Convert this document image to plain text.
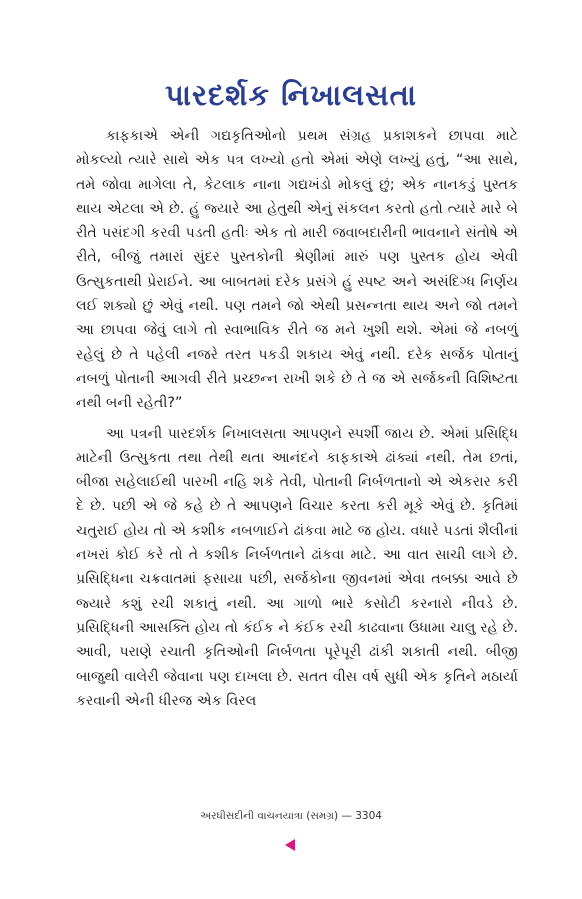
પારદર્શક નિખાલસતા

કાફકાએ એની ગદ્યકૃતિઓનો પ્રથમ સંગ્રહ પ્રકાશકને છાપવા માટે મોકલ્યો ત્યારે સાથે એક પત્ર લખ્યો હતો એમાં એણે લખ્યું હતું, “આ સાથે, તમે જોવા માગેલા તે, કેટલાક નાના ગદ્યખંડો મોકલું છું; એક નાનકડું પુસ્તક થાય એટલા એ છે. હું જ્યારે આ હેતુથી એનું સંકલન કરતો હતો ત્યારે મારે બે રીતે પસંદગી કરવી પડતી હતીઃ એક તો મારી જવાબદારીની ભાવનાને સંતોષે એ રીતે, બીજું તમારાં સુંદર પુસ્તકોની શ્રેણીમાં મારું પણ પુસ્તક હોય એવી ઉત્સુકતાથી પ્રેરાઈને. આ બાબતમાં દરેક પ્રસંગે હું સ્પષ્ટ અને અસંદિગ્ધ નિર્ણય લઈ શક્યો છું એવું નથી. પણ તમને જો એથી પ્રસન્નતા થાય અને જો તમને આ છાપવા જેવું લાગે તો સ્વાભાવિક રીતે જ મને ખુશી થશે. એમાં જે નબળું રહેલું છે તે પહેલી નજરે તરત પકડી શકાય એવું નથી. દરેક સર્જક પોતાનું નબળું પોતાની આગવી રીતે પ્રચ્છન્ન રાખી શકે છે તે જ એ સર્જકની વિશિષ્ટતા નથી બની રહેતી?”

આ પત્રની પારદર્શક નિખાલસતા આપણને સ્પર્શી જાય છે. એમાં પ્રસિદ્ધિ માટેની ઉત્સુકતા તથા તેથી થતા આનંદને કાફકાએ ઢાંક્યાં નથી. તેમ છતાં, બીજા સહેલાઈથી પારખી નહિ શકે તેવી, પોતાની નિર્બળતાનો એ એકરાર કરી દે છે. પછી એ જે કહે છે તે આપણને વિચાર કરતા કરી મૂકે એવું છે. કૃતિમાં ચતુરાઈ હોય તો એ કશીક નબળાઈને ઢાંકવા માટે જ હોય. વધારે પડતાં શૈલીનાં નખરાં કોઈ કરે તો તે કશીક નિર્બળતાને ઢાંકવા માટે. આ વાત સાચી લાગે છે. પ્રસિદ્ધિના ચક્રવાતમાં ફસાયા પછી, સર્જકોના જીવનમાં એવા તબક્કા આવે છે જ્યારે કશું રચી શકાતું નથી. આ ગાળો ભારે કસોટી કરનારો નીવડે છે. પ્રસિદ્ધિની આસક્તિ હોય તો કંઈક ને કંઈક રચી કાઢવાના ઉધામા ચાલુ રહે છે. આવી, પરાણે રચાતી કૃતિઓની નિર્બળતા પૂરેપૂરી ઢાંકી શકાતી નથી. બીજી બાજુથી વાલેરી જેવાના પણ દાખલા છે. સતત વીસ વર્ષ સુધી એક કૃતિને મઠાર્યા કરવાની એની ધીરજ એક વિરલ

અરધીસદીની વાચનયાત્રા (સમગ્ર) — 3304
